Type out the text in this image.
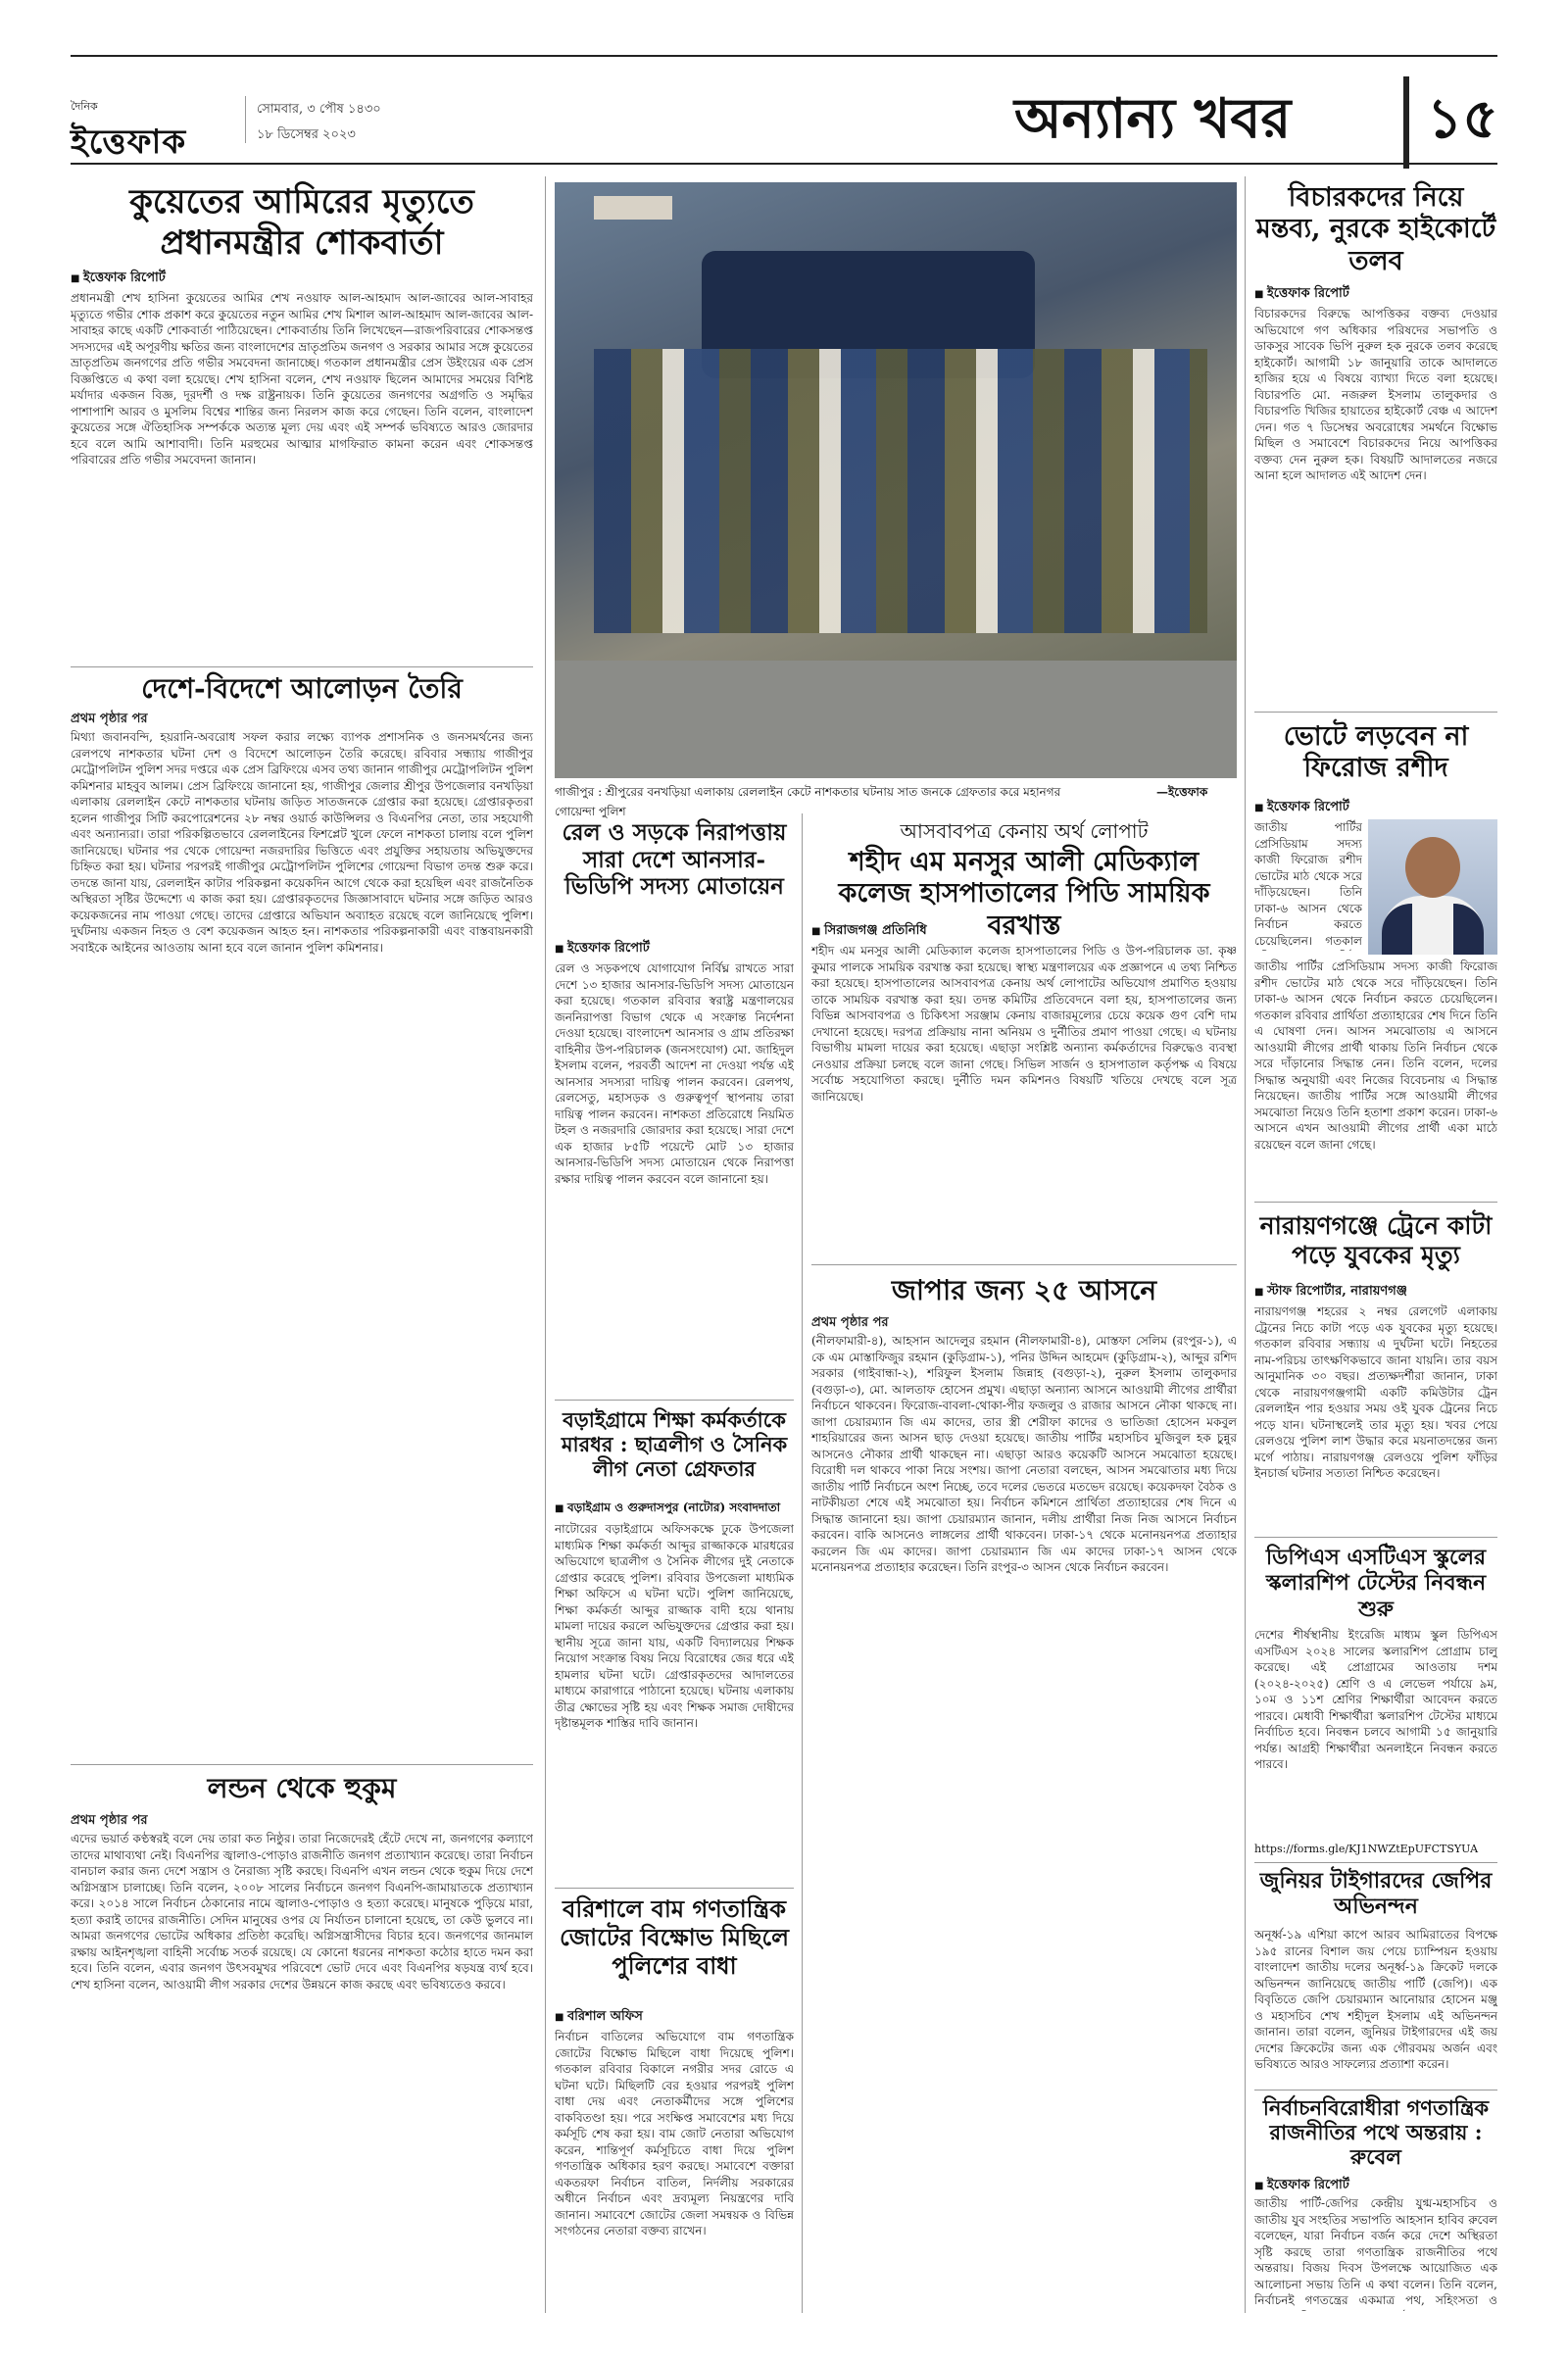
দৈনিক
ইত্তেফাক
সোমবার, ৩ পৌষ ১৪৩০
১৮ ডিসেম্বর ২০২৩	অন্যান্য খবর	১৫
কুয়েতের আমিরের মৃত্যুতে
প্রধানমন্ত্রীর শোকবার্তা
■ ইত্তেফাক রিপোর্ট
প্রধানমন্ত্রী শেখ হাসিনা কুয়েতের আমির শেখ নওয়াফ আল-আহমাদ আল-জাবের আল-সাবাহর মৃত্যুতে গভীর শোক প্রকাশ করে কুয়েতের নতুন আমির শেখ মিশাল আল-আহমাদ আল-জাবের আল-সাবাহর কাছে একটি শোকবার্তা পাঠিয়েছেন। শোকবার্তায় তিনি লিখেছেন—রাজপরিবারের শোকসন্তপ্ত সদস্যদের এই অপূরণীয় ক্ষতির জন্য বাংলাদেশের ভ্রাতৃপ্রতিম জনগণ ও সরকার আমার সঙ্গে কুয়েতের ভ্রাতৃপ্রতিম জনগণের প্রতি গভীর সমবেদনা জানাচ্ছে। গতকাল প্রধানমন্ত্রীর প্রেস উইংয়ের এক প্রেস বিজ্ঞপ্তিতে এ কথা বলা হয়েছে। শেখ হাসিনা বলেন, শেখ নওয়াফ ছিলেন আমাদের সময়ের বিশিষ্ট মর্যাদার একজন বিজ্ঞ, দূরদর্শী ও দক্ষ রাষ্ট্রনায়ক। তিনি কুয়েতের জনগণের অগ্রগতি ও সমৃদ্ধির পাশাপাশি আরব ও মুসলিম বিশ্বের শান্তির জন্য নিরলস কাজ করে গেছেন। তিনি বলেন, বাংলাদেশ কুয়েতের সঙ্গে ঐতিহাসিক সম্পর্ককে অত্যন্ত মূল্য দেয় এবং এই সম্পর্ক ভবিষ্যতে আরও জোরদার হবে বলে আমি আশাবাদী। তিনি মরহুমের আত্মার মাগফিরাত কামনা করেন এবং শোকসন্তপ্ত পরিবারের প্রতি গভীর সমবেদনা জানান।
দেশে-বিদেশে আলোড়ন তৈরি
প্রথম পৃষ্ঠার পর
মিথ্যা জবানবন্দি, হয়রানি-অবরোধ সফল করার লক্ষ্যে ব্যাপক প্রশাসনিক ও জনসমর্থনের জন্য রেলপথে নাশকতার ঘটনা দেশ ও বিদেশে আলোড়ন তৈরি করেছে। রবিবার সন্ধ্যায় গাজীপুর মেট্রোপলিটন পুলিশ সদর দপ্তরে এক প্রেস ব্রিফিংয়ে এসব তথ্য জানান গাজীপুর মেট্রোপলিটন পুলিশ কমিশনার মাহবুব আলম। প্রেস ব্রিফিংয়ে জানানো হয়, গাজীপুর জেলার শ্রীপুর উপজেলার বনখড়িয়া এলাকায় রেললাইন কেটে নাশকতার ঘটনায় জড়িত সাতজনকে গ্রেপ্তার করা হয়েছে। গ্রেপ্তারকৃতরা হলেন গাজীপুর সিটি করপোরেশনের ২৮ নম্বর ওয়ার্ড কাউন্সিলর ও বিএনপির নেতা, তার সহযোগী এবং অন্যান্যরা। তারা পরিকল্পিতভাবে রেললাইনের ফিশপ্লেট খুলে ফেলে নাশকতা চালায় বলে পুলিশ জানিয়েছে। ঘটনার পর থেকে গোয়েন্দা নজরদারির ভিত্তিতে এবং প্রযুক্তির সহায়তায় অভিযুক্তদের চিহ্নিত করা হয়। ঘটনার পরপরই গাজীপুর মেট্রোপলিটন পুলিশের গোয়েন্দা বিভাগ তদন্ত শুরু করে। তদন্তে জানা যায়, রেললাইন কাটার পরিকল্পনা কয়েকদিন আগে থেকে করা হয়েছিল এবং রাজনৈতিক অস্থিরতা সৃষ্টির উদ্দেশ্যে এ কাজ করা হয়। গ্রেপ্তারকৃতদের জিজ্ঞাসাবাদে ঘটনার সঙ্গে জড়িত আরও কয়েকজনের নাম পাওয়া গেছে। তাদের গ্রেপ্তারে অভিযান অব্যাহত রয়েছে বলে জানিয়েছে পুলিশ। দুর্ঘটনায় একজন নিহত ও বেশ কয়েকজন আহত হন। নাশকতার পরিকল্পনাকারী এবং বাস্তবায়নকারী সবাইকে আইনের আওতায় আনা হবে বলে জানান পুলিশ কমিশনার।
লন্ডন থেকে হুকুম
প্রথম পৃষ্ঠার পর
এদের ভয়ার্ত কণ্ঠস্বরই বলে দেয় তারা কত নিষ্ঠুর। তারা নিজেদেরই হেঁটে দেখে না, জনগণের কল্যাণে তাদের মাথাব্যথা নেই। বিএনপির জ্বালাও-পোড়াও রাজনীতি জনগণ প্রত্যাখ্যান করেছে। তারা নির্বাচন বানচাল করার জন্য দেশে সন্ত্রাস ও নৈরাজ্য সৃষ্টি করছে। বিএনপি এখন লন্ডন থেকে হুকুম দিয়ে দেশে অগ্নিসন্ত্রাস চালাচ্ছে। তিনি বলেন, ২০০৮ সালের নির্বাচনে জনগণ বিএনপি-জামায়াতকে প্রত্যাখ্যান করে। ২০১৪ সালে নির্বাচন ঠেকানোর নামে জ্বালাও-পোড়াও ও হত্যা করেছে। মানুষকে পুড়িয়ে মারা, হত্যা করাই তাদের রাজনীতি। সেদিন মানুষের ওপর যে নির্যাতন চালানো হয়েছে, তা কেউ ভুলবে না। আমরা জনগণের ভোটের অধিকার প্রতিষ্ঠা করেছি। অগ্নিসন্ত্রাসীদের বিচার হবে। জনগণের জানমাল রক্ষায় আইনশৃঙ্খলা বাহিনী সর্বোচ্চ সতর্ক রয়েছে। যে কোনো ধরনের নাশকতা কঠোর হাতে দমন করা হবে। তিনি বলেন, এবার জনগণ উৎসবমুখর পরিবেশে ভোট দেবে এবং বিএনপির ষড়যন্ত্র ব্যর্থ হবে। শেখ হাসিনা বলেন, আওয়ামী লীগ সরকার দেশের উন্নয়নে কাজ করছে এবং ভবিষ্যতেও করবে।
গাজীপুর : শ্রীপুরের বনখড়িয়া এলাকায় রেললাইন কেটে নাশকতার ঘটনায় সাত জনকে গ্রেফতার করে মহানগর গোয়েন্দা পুলিশ
—ইত্তেফাক
রেল ও সড়কে নিরাপত্তায় সারা দেশে আনসার-ভিডিপি সদস্য মোতায়েন
■ ইত্তেফাক রিপোর্ট
রেল ও সড়কপথে যোগাযোগ নির্বিঘ্ন রাখতে সারা দেশে ১৩ হাজার আনসার-ভিডিপি সদস্য মোতায়েন করা হয়েছে। গতকাল রবিবার স্বরাষ্ট্র মন্ত্রণালয়ের জননিরাপত্তা বিভাগ থেকে এ সংক্রান্ত নির্দেশনা দেওয়া হয়েছে। বাংলাদেশ আনসার ও গ্রাম প্রতিরক্ষা বাহিনীর উপ-পরিচালক (জনসংযোগ) মো. জাহিদুল ইসলাম বলেন, পরবর্তী আদেশ না দেওয়া পর্যন্ত এই আনসার সদস্যরা দায়িত্ব পালন করবেন। রেলপথ, রেলসেতু, মহাসড়ক ও গুরুত্বপূর্ণ স্থাপনায় তারা দায়িত্ব পালন করবেন। নাশকতা প্রতিরোধে নিয়মিত টহল ও নজরদারি জোরদার করা হয়েছে। সারা দেশে এক হাজার ৮৫টি পয়েন্টে মোট ১৩ হাজার আনসার-ভিডিপি সদস্য মোতায়েন থেকে নিরাপত্তা রক্ষার দায়িত্ব পালন করবেন বলে জানানো হয়।
বড়াইগ্রামে শিক্ষা কর্মকর্তাকে মারধর : ছাত্রলীগ ও সৈনিক লীগ নেতা গ্রেফতার
■ বড়াইগ্রাম ও গুরুদাসপুর (নাটোর) সংবাদদাতা
নাটোরের বড়াইগ্রামে অফিসকক্ষে ঢুকে উপজেলা মাধ্যমিক শিক্ষা কর্মকর্তা আব্দুর রাজ্জাককে মারধরের অভিযোগে ছাত্রলীগ ও সৈনিক লীগের দুই নেতাকে গ্রেপ্তার করেছে পুলিশ। রবিবার উপজেলা মাধ্যমিক শিক্ষা অফিসে এ ঘটনা ঘটে। পুলিশ জানিয়েছে, শিক্ষা কর্মকর্তা আব্দুর রাজ্জাক বাদী হয়ে থানায় মামলা দায়ের করলে অভিযুক্তদের গ্রেপ্তার করা হয়। স্থানীয় সূত্রে জানা যায়, একটি বিদ্যালয়ের শিক্ষক নিয়োগ সংক্রান্ত বিষয় নিয়ে বিরোধের জের ধরে এই হামলার ঘটনা ঘটে। গ্রেপ্তারকৃতদের আদালতের মাধ্যমে কারাগারে পাঠানো হয়েছে। ঘটনায় এলাকায় তীব্র ক্ষোভের সৃষ্টি হয় এবং শিক্ষক সমাজ দোষীদের দৃষ্টান্তমূলক শাস্তির দাবি জানান।
বরিশালে বাম গণতান্ত্রিক জোটের বিক্ষোভ মিছিলে পুলিশের বাধা
■ বরিশাল অফিস
নির্বাচন বাতিলের অভিযোগে বাম গণতান্ত্রিক জোটের বিক্ষোভ মিছিলে বাধা দিয়েছে পুলিশ। গতকাল রবিবার বিকালে নগরীর সদর রোডে এ ঘটনা ঘটে। মিছিলটি বের হওয়ার পরপরই পুলিশ বাধা দেয় এবং নেতাকর্মীদের সঙ্গে পুলিশের বাকবিতণ্ডা হয়। পরে সংক্ষিপ্ত সমাবেশের মধ্য দিয়ে কর্মসূচি শেষ করা হয়। বাম জোট নেতারা অভিযোগ করেন, শান্তিপূর্ণ কর্মসূচিতে বাধা দিয়ে পুলিশ গণতান্ত্রিক অধিকার হরণ করছে। সমাবেশে বক্তারা একতরফা নির্বাচন বাতিল, নির্দলীয় সরকারের অধীনে নির্বাচন এবং দ্রব্যমূল্য নিয়ন্ত্রণের দাবি জানান। সমাবেশে জোটের জেলা সমন্বয়ক ও বিভিন্ন সংগঠনের নেতারা বক্তব্য রাখেন।
আসবাবপত্র কেনায় অর্থ লোপাট
শহীদ এম মনসুর আলী মেডিক্যাল কলেজ হাসপাতালের পিডি সাময়িক বরখাস্ত
■ সিরাজগঞ্জ প্রতিনিধি
শহীদ এম মনসুর আলী মেডিক্যাল কলেজ হাসপাতালের পিডি ও উপ-পরিচালক ডা. কৃষ্ণ কুমার পালকে সাময়িক বরখাস্ত করা হয়েছে। স্বাস্থ্য মন্ত্রণালয়ের এক প্রজ্ঞাপনে এ তথ্য নিশ্চিত করা হয়েছে। হাসপাতালের আসবাবপত্র কেনায় অর্থ লোপাটের অভিযোগ প্রমাণিত হওয়ায় তাকে সাময়িক বরখাস্ত করা হয়। তদন্ত কমিটির প্রতিবেদনে বলা হয়, হাসপাতালের জন্য বিভিন্ন আসবাবপত্র ও চিকিৎসা সরঞ্জাম কেনায় বাজারমূল্যের চেয়ে কয়েক গুণ বেশি দাম দেখানো হয়েছে। দরপত্র প্রক্রিয়ায় নানা অনিয়ম ও দুর্নীতির প্রমাণ পাওয়া গেছে। এ ঘটনায় বিভাগীয় মামলা দায়ের করা হয়েছে। এছাড়া সংশ্লিষ্ট অন্যান্য কর্মকর্তাদের বিরুদ্ধেও ব্যবস্থা নেওয়ার প্রক্রিয়া চলছে বলে জানা গেছে। সিভিল সার্জন ও হাসপাতাল কর্তৃপক্ষ এ বিষয়ে সর্বোচ্চ সহযোগিতা করছে। দুর্নীতি দমন কমিশনও বিষয়টি খতিয়ে দেখছে বলে সূত্র জানিয়েছে।
জাপার জন্য ২৫ আসনে
প্রথম পৃষ্ঠার পর
(নীলফামারী-৪), আহসান আদেলুর রহমান (নীলফামারী-৪), মোস্তফা সেলিম (রংপুর-১), এ কে এম মোস্তাফিজুর রহমান (কুড়িগ্রাম-১), পনির উদ্দিন আহমেদ (কুড়িগ্রাম-২), আব্দুর রশিদ সরকার (গাইবান্ধা-২), শরিফুল ইসলাম জিন্নাহ (বগুড়া-২), নুরুল ইসলাম তালুকদার (বগুড়া-৩), মো. আলতাফ হোসেন প্রমুখ। এছাড়া অন্যান্য আসনে আওয়ামী লীগের প্রার্থীরা নির্বাচনে থাকবেন। ফিরোজ-বাবলা-থোকা-পীর ফজলুর ও রাজার আসনে নৌকা থাকছে না। জাপা চেয়ারম্যান জি এম কাদের, তার স্ত্রী শেরীফা কাদের ও ভাতিজা হোসেন মকবুল শাহরিয়ারের জন্য আসন ছাড় দেওয়া হয়েছে। জাতীয় পার্টির মহাসচিব মুজিবুল হক চুন্নুর আসনেও নৌকার প্রার্থী থাকছেন না। এছাড়া আরও কয়েকটি আসনে সমঝোতা হয়েছে। বিরোধী দল থাকবে পাকা নিয়ে সংশয়। জাপা নেতারা বলছেন, আসন সমঝোতার মধ্য দিয়ে জাতীয় পার্টি নির্বাচনে অংশ নিচ্ছে, তবে দলের ভেতরে মতভেদ রয়েছে। কয়েকদফা বৈঠক ও নাটকীয়তা শেষে এই সমঝোতা হয়। নির্বাচন কমিশনে প্রার্থিতা প্রত্যাহারের শেষ দিনে এ সিদ্ধান্ত জানানো হয়। জাপা চেয়ারম্যান জানান, দলীয় প্রার্থীরা নিজ নিজ আসনে নির্বাচন করবেন। বাকি আসনেও লাঙ্গলের প্রার্থী থাকবেন। ঢাকা-১৭ থেকে মনোনয়নপত্র প্রত্যাহার করলেন জি এম কাদের। জাপা চেয়ারম্যান জি এম কাদের ঢাকা-১৭ আসন থেকে মনোনয়নপত্র প্রত্যাহার করেছেন। তিনি রংপুর-৩ আসন থেকে নির্বাচন করবেন।
বিচারকদের নিয়ে মন্তব্য, নুরকে হাইকোর্টে তলব
■ ইত্তেফাক রিপোর্ট
বিচারকদের বিরুদ্ধে আপত্তিকর বক্তব্য দেওয়ার অভিযোগে গণ অধিকার পরিষদের সভাপতি ও ডাকসুর সাবেক ভিপি নুরুল হক নুরকে তলব করেছে হাইকোর্ট। আগামী ১৮ জানুয়ারি তাকে আদালতে হাজির হয়ে এ বিষয়ে ব্যাখ্যা দিতে বলা হয়েছে। বিচারপতি মো. নজরুল ইসলাম তালুকদার ও বিচারপতি খিজির হায়াতের হাইকোর্ট বেঞ্চ এ আদেশ দেন। গত ৭ ডিসেম্বর অবরোধের সমর্থনে বিক্ষোভ মিছিল ও সমাবেশে বিচারকদের নিয়ে আপত্তিকর বক্তব্য দেন নুরুল হক। বিষয়টি আদালতের নজরে আনা হলে আদালত এই আদেশ দেন।
ভোটে লড়বেন না ফিরোজ রশীদ
■ ইত্তেফাক রিপোর্ট
জাতীয় পার্টির প্রেসিডিয়াম সদস্য কাজী ফিরোজ রশীদ ভোটের মাঠ থেকে সরে দাঁড়িয়েছেন। তিনি ঢাকা-৬ আসন থেকে নির্বাচন করতে চেয়েছিলেন। গতকাল
জাতীয় পার্টির প্রেসিডিয়াম সদস্য কাজী ফিরোজ রশীদ ভোটের মাঠ থেকে সরে দাঁড়িয়েছেন। তিনি ঢাকা-৬ আসন থেকে নির্বাচন করতে চেয়েছিলেন। গতকাল রবিবার প্রার্থিতা প্রত্যাহারের শেষ দিনে তিনি এ ঘোষণা দেন। আসন সমঝোতায় এ আসনে আওয়ামী লীগের প্রার্থী থাকায় তিনি নির্বাচন থেকে সরে দাঁড়ানোর সিদ্ধান্ত নেন। তিনি বলেন, দলের সিদ্ধান্ত অনুযায়ী এবং নিজের বিবেচনায় এ সিদ্ধান্ত নিয়েছেন। জাতীয় পার্টির সঙ্গে আওয়ামী লীগের সমঝোতা নিয়েও তিনি হতাশা প্রকাশ করেন। ঢাকা-৬ আসনে এখন আওয়ামী লীগের প্রার্থী একা মাঠে রয়েছেন বলে জানা গেছে।
নারায়ণগঞ্জে ট্রেনে কাটা পড়ে যুবকের মৃত্যু
■ স্টাফ রিপোর্টার, নারায়ণগঞ্জ
নারায়ণগঞ্জ শহরের ২ নম্বর রেলগেট এলাকায় ট্রেনের নিচে কাটা পড়ে এক যুবকের মৃত্যু হয়েছে। গতকাল রবিবার সন্ধ্যায় এ দুর্ঘটনা ঘটে। নিহতের নাম-পরিচয় তাৎক্ষণিকভাবে জানা যায়নি। তার বয়স আনুমানিক ৩০ বছর। প্রত্যক্ষদর্শীরা জানান, ঢাকা থেকে নারায়ণগঞ্জগামী একটি কমিউটার ট্রেন রেললাইন পার হওয়ার সময় ওই যুবক ট্রেনের নিচে পড়ে যান। ঘটনাস্থলেই তার মৃত্যু হয়। খবর পেয়ে রেলওয়ে পুলিশ লাশ উদ্ধার করে ময়নাতদন্তের জন্য মর্গে পাঠায়। নারায়ণগঞ্জ রেলওয়ে পুলিশ ফাঁড়ির ইনচার্জ ঘটনার সত্যতা নিশ্চিত করেছেন।
ডিপিএস এসটিএস স্কুলের স্কলারশিপ টেস্টের নিবন্ধন শুরু
দেশের শীর্ষস্থানীয় ইংরেজি মাধ্যম স্কুল ডিপিএস এসটিএস ২০২৪ সালের স্কলারশিপ প্রোগ্রাম চালু করেছে। এই প্রোগ্রামের আওতায় দশম (২০২৪-২০২৫) শ্রেণি ও এ লেভেল পর্যায়ে ৯ম, ১০ম ও ১১শ শ্রেণির শিক্ষার্থীরা আবেদন করতে পারবে। মেধাবী শিক্ষার্থীরা স্কলারশিপ টেস্টের মাধ্যমে নির্বাচিত হবে। নিবন্ধন চলবে আগামী ১৫ জানুয়ারি পর্যন্ত। আগ্রহী শিক্ষার্থীরা অনলাইনে নিবন্ধন করতে পারবে।
https://forms.gle/KJ1NWZtEpUFCTSYUA
জুনিয়র টাইগারদের জেপির অভিনন্দন
অনূর্ধ্ব-১৯ এশিয়া কাপে আরব আমিরাতের বিপক্ষে ১৯৫ রানের বিশাল জয় পেয়ে চ্যাম্পিয়ন হওয়ায় বাংলাদেশ জাতীয় দলের অনূর্ধ্ব-১৯ ক্রিকেট দলকে অভিনন্দন জানিয়েছে জাতীয় পার্টি (জেপি)। এক বিবৃতিতে জেপি চেয়ারম্যান আনোয়ার হোসেন মঞ্জু ও মহাসচিব শেখ শহীদুল ইসলাম এই অভিনন্দন জানান। তারা বলেন, জুনিয়র টাইগারদের এই জয় দেশের ক্রিকেটের জন্য এক গৌরবময় অর্জন এবং ভবিষ্যতে আরও সাফল্যের প্রত্যাশা করেন।
নির্বাচনবিরোধীরা গণতান্ত্রিক রাজনীতির পথে অন্তরায় : রুবেল
■ ইত্তেফাক রিপোর্ট
জাতীয় পার্টি-জেপির কেন্দ্রীয় যুগ্ম-মহাসচিব ও জাতীয় যুব সংহতির সভাপতি আহসান হাবিব রুবেল বলেছেন, যারা নির্বাচন বর্জন করে দেশে অস্থিরতা সৃষ্টি করছে তারা গণতান্ত্রিক রাজনীতির পথে অন্তরায়। বিজয় দিবস উপলক্ষে আয়োজিত এক আলোচনা সভায় তিনি এ কথা বলেন। তিনি বলেন, নির্বাচনই গণতন্ত্রের একমাত্র পথ, সহিংসতা ও
